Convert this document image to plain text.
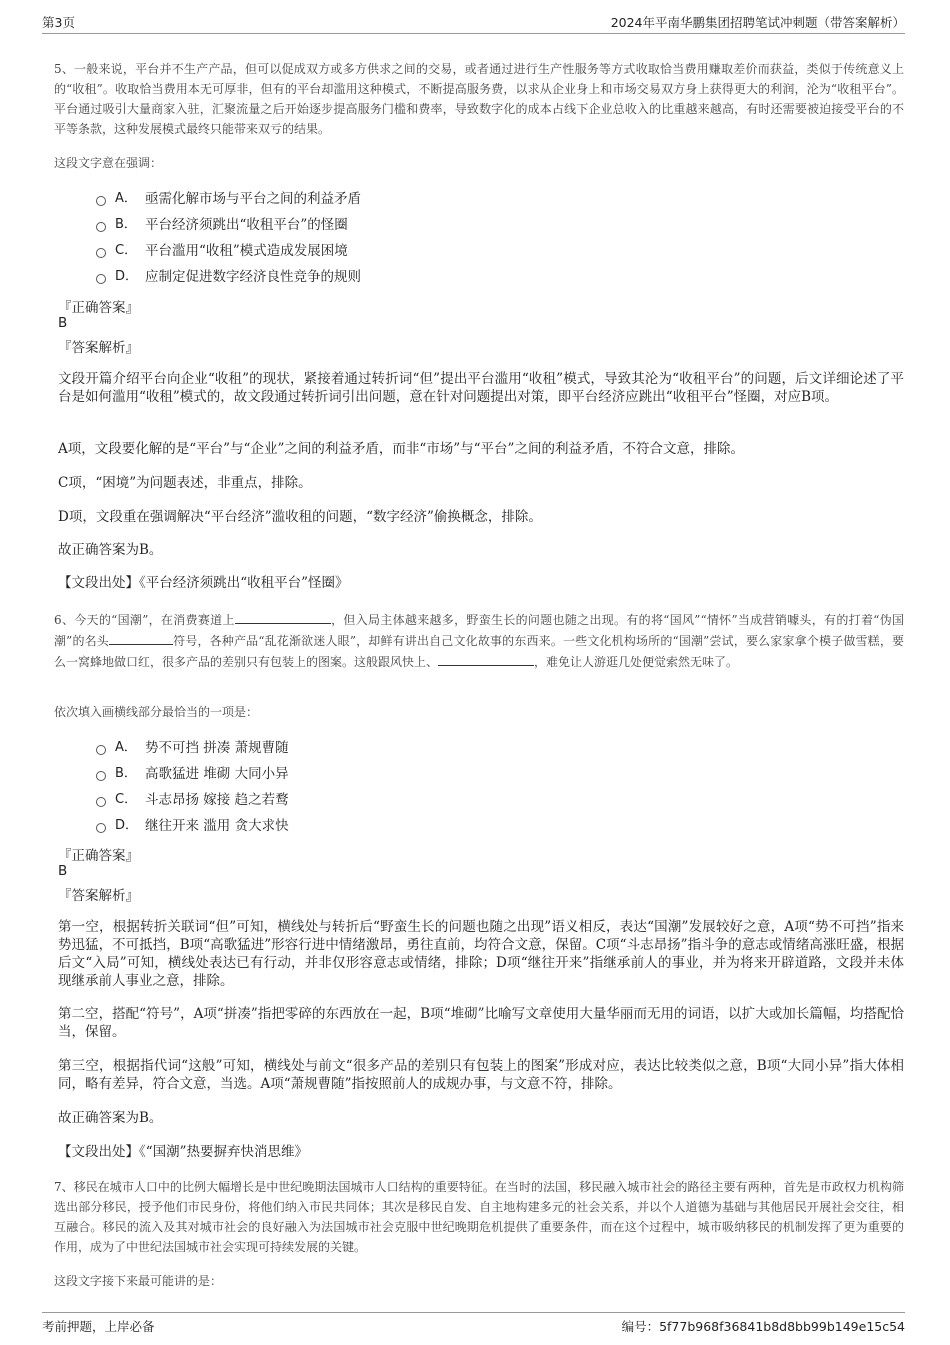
第3页	2024年平南华鹏集团招聘笔试冲刺题（带答案解析）
5、一般来说，平台并不生产产品，但可以促成双方或多方供求之间的交易，或者通过进行生产性服务等方式收取恰当费用赚取差价而获益，类似于传统意义上的“收租”。收取恰当费用本无可厚非，但有的平台却滥用这种模式，不断提高服务费，以求从企业身上和市场交易双方身上获得更大的利润，沦为“收租平台”。平台通过吸引大量商家入驻，汇聚流量之后开始逐步提高服务门槛和费率，导致数字化的成本占线下企业总收入的比重越来越高，有时还需要被迫接受平台的不平等条款，这种发展模式最终只能带来双亏的结果。
这段文字意在强调：
A． 亟需化解市场与平台之间的利益矛盾
B． 平台经济须跳出“收租平台”的怪圈
C． 平台滥用“收租”模式造成发展困境
D． 应制定促进数字经济良性竞争的规则
『正确答案』
B
『答案解析』
文段开篇介绍平台向企业“收租”的现状，紧接着通过转折词“但”提出平台滥用“收租”模式，导致其沦为“收租平台”的问题，后文详细论述了平台是如何滥用“收租”模式的，故文段通过转折词引出问题，意在针对问题提出对策，即平台经济应跳出“收租平台”怪圈，对应B项。
A项，文段要化解的是“平台”与“企业”之间的利益矛盾，而非“市场”与“平台”之间的利益矛盾，不符合文意，排除。
C项，“困境”为问题表述，非重点，排除。
D项，文段重在强调解决“平台经济”滥收租的问题，“数字经济”偷换概念，排除。
故正确答案为B。
【文段出处】《平台经济须跳出“收租平台”怪圈》
6、今天的“国潮”，在消费赛道上	，但入局主体越来越多，野蛮生长的问题也随之出现。有的将“国风”“情怀”当成营销噱头，有的打着“伪国潮”的名头	符号，各种产品“乱花渐欲迷人眼”，却鲜有讲出自己文化故事的东西来。一些文化机构场所的“国潮”尝试，要么家家拿个模子做雪糕，要么一窝蜂地做口红，很多产品的差别只有包装上的图案。这般跟风快上、	，难免让人游逛几处便觉索然无味了。
依次填入画横线部分最恰当的一项是：
A． 势不可挡 拼凑 萧规曹随
B． 高歌猛进 堆砌 大同小异
C． 斗志昂扬 嫁接 趋之若鹜
D． 继往开来 滥用 贪大求快
『正确答案』
B
『答案解析』
第一空，根据转折关联词“但”可知，横线处与转折后“野蛮生长的问题也随之出现”语义相反，表达“国潮”发展较好之意，A项“势不可挡”指来势迅猛，不可抵挡，B项“高歌猛进”形容行进中情绪激昂，勇往直前，均符合文意，保留。C项“斗志昂扬”指斗争的意志或情绪高涨旺盛，根据后文“入局”可知，横线处表达已有行动，并非仅形容意志或情绪，排除；D项“继往开来”指继承前人的事业，并为将来开辟道路，文段并未体现继承前人事业之意，排除。
第二空，搭配“符号”，A项“拼凑”指把零碎的东西放在一起，B项“堆砌”比喻写文章使用大量华丽而无用的词语，以扩大或加长篇幅，均搭配恰当，保留。
第三空，根据指代词“这般”可知，横线处与前文“很多产品的差别只有包装上的图案”形成对应，表达比较类似之意，B项“大同小异”指大体相同，略有差异，符合文意，当选。A项“萧规曹随”指按照前人的成规办事，与文意不符，排除。
故正确答案为B。
【文段出处】《“国潮”热要摒弃快消思维》
7、移民在城市人口中的比例大幅增长是中世纪晚期法国城市人口结构的重要特征。在当时的法国，移民融入城市社会的路径主要有两种，首先是市政权力机构筛选出部分移民，授予他们市民身份，将他们纳入市民共同体；其次是移民自发、自主地构建多元的社会关系，并以个人道德为基础与其他居民开展社会交往，相互融合。移民的流入及其对城市社会的良好融入为法国城市社会克服中世纪晚期危机提供了重要条件，而在这个过程中，城市吸纳移民的机制发挥了更为重要的作用，成为了中世纪法国城市社会实现可持续发展的关键。
这段文字接下来最可能讲的是：
考前押题，上岸必备	编号：5f77b968f36841b8d8bb99b149e15c54
